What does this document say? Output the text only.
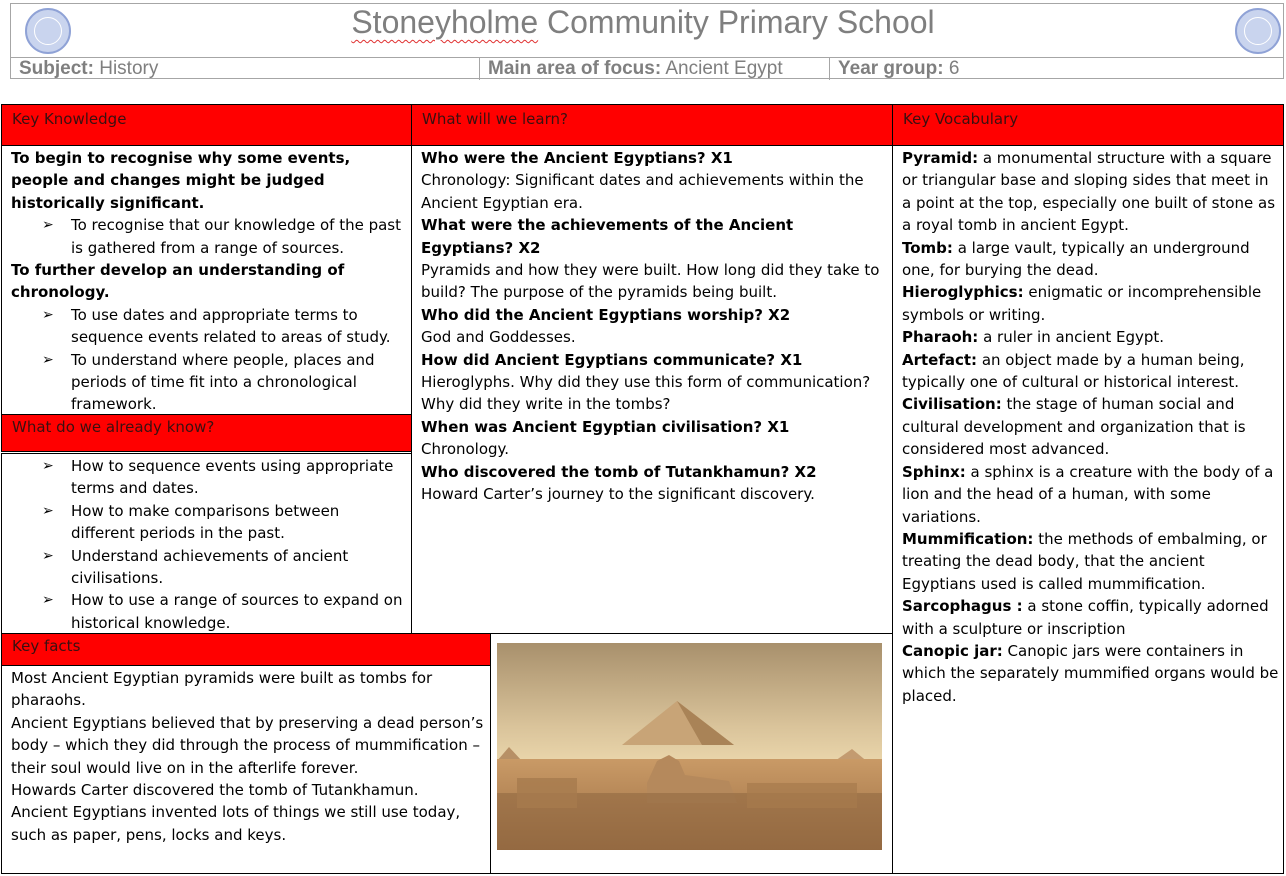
Stoneyholme Community Primary School
Subject: History	Main area of focus: Ancient Egypt	Year group: 6
Key Knowledge	What will we learn?	Key Vocabulary

To begin to recognise why some events, people and changes might be judged historically significant.

➢ To recognise that our knowledge of the past is gathered from a range of sources.

To further develop an understanding of chronology.

➢ To use dates and appropriate terms to sequence events related to areas of study.

➢ To understand where people, places and periods of time fit into a chronological framework.

What do we already know?

➢ How to sequence events using appropriate terms and dates.

➢ How to make comparisons between different periods in the past.

➢ Understand achievements of ancient civilisations.

➢ How to use a range of sources to expand on historical knowledge.

Who were the Ancient Egyptians? X1

Chronology: Significant dates and achievements within the Ancient Egyptian era.

What were the achievements of the Ancient Egyptians? X2

Pyramids and how they were built. How long did they take to build? The purpose of the pyramids being built.

Who did the Ancient Egyptians worship? X2

God and Goddesses.

How did Ancient Egyptians communicate? X1

Hieroglyphs. Why did they use this form of communication? Why did they write in the tombs?

When was Ancient Egyptian civilisation? X1

Chronology.

Who discovered the tomb of Tutankhamun? X2

Howard Carter’s journey to the significant discovery.

Pyramid: a monumental structure with a square or triangular base and sloping sides that meet in a point at the top, especially one built of stone as a royal tomb in ancient Egypt.

Tomb: a large vault, typically an underground one, for burying the dead.

Hieroglyphics: enigmatic or incomprehensible symbols or writing.

Pharaoh: a ruler in ancient Egypt.

Artefact: an object made by a human being, typically one of cultural or historical interest.

Civilisation: the stage of human social and cultural development and organization that is considered most advanced.

Sphinx: a sphinx is a creature with the body of a lion and the head of a human, with some variations.

Mummification: the methods of embalming, or treating the dead body, that the ancient Egyptians used is called mummification.

Sarcophagus : a stone coffin, typically adorned with a sculpture or inscription

Canopic jar: Canopic jars were containers in which the separately mummified organs would be placed.

Key facts

Most Ancient Egyptian pyramids were built as tombs for pharaohs.

Ancient Egyptians believed that by preserving a dead person’s body – which they did through the process of mummification – their soul would live on in the afterlife forever.

Howards Carter discovered the tomb of Tutankhamun.

Ancient Egyptians invented lots of things we still use today, such as paper, pens, locks and keys.
